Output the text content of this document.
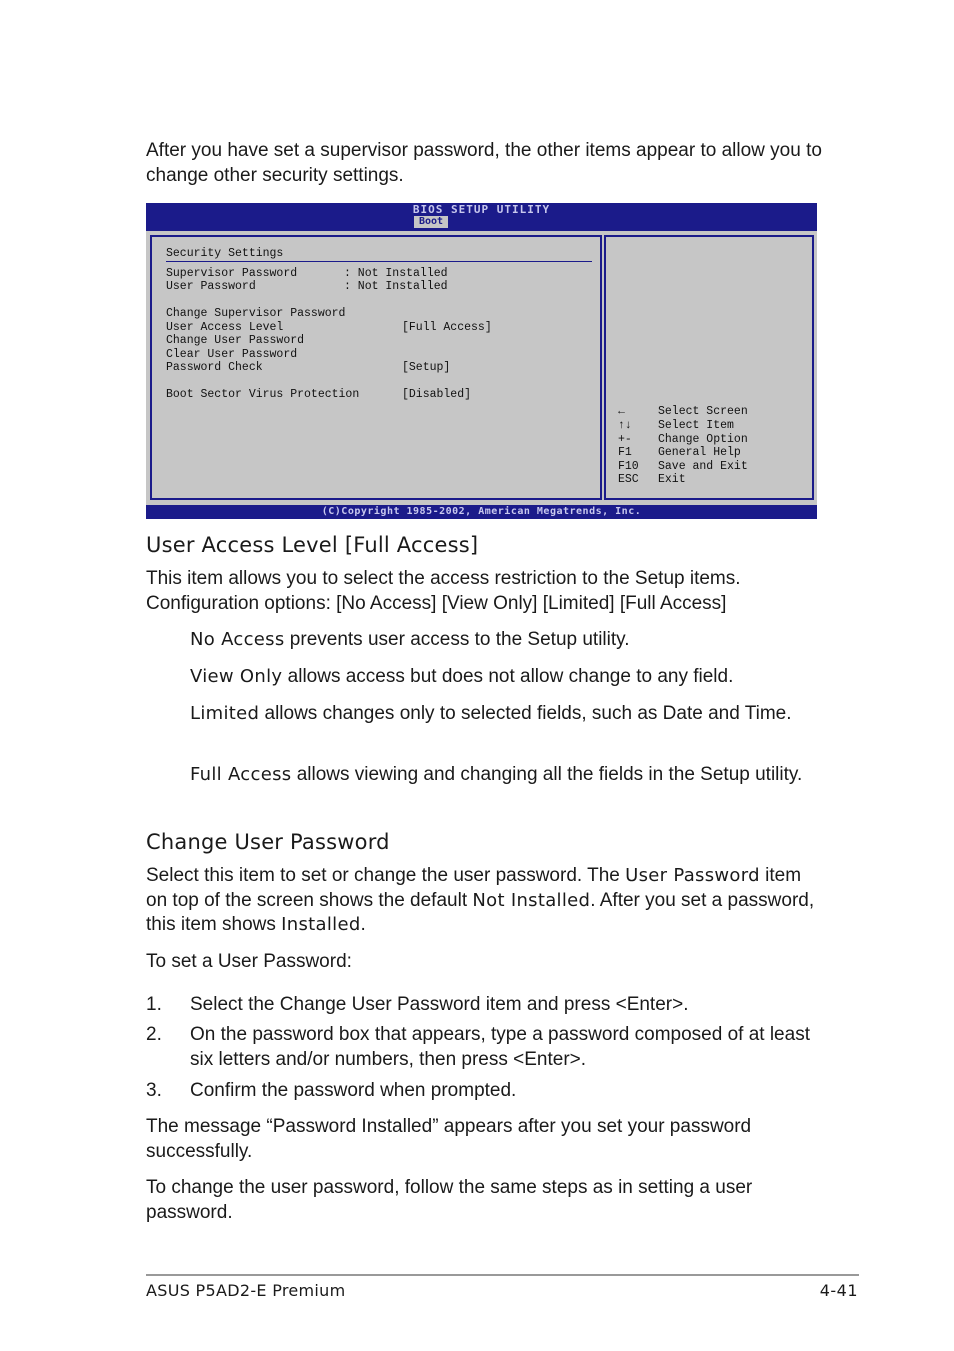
After you have set a supervisor password, the other items appear to allow you to change other security settings.

BIOS SETUP UTILITY
Boot
Security Settings
Supervisor Password	: Not Installed
User Password	: Not Installed
Change Supervisor Password
User Access Level	[Full Access]
Change User Password
Clear User Password
Password Check	[Setup]
Boot Sector Virus Protection	[Disabled]
←	Select Screen
↑↓	Select Item
+-	Change Option
F1	General Help
F10	Save and Exit
ESC	Exit
(C)Copyright 1985-2002, American Megatrends, Inc.
User Access Level [Full Access]

This item allows you to select the access restriction to the Setup items. Configuration options: [No Access] [View Only] [Limited] [Full Access]

No Access prevents user access to the Setup utility.

View Only allows access but does not allow change to any field.

Limited allows changes only to selected fields, such as Date and Time.

Full Access allows viewing and changing all the fields in the Setup utility.

Change User Password

Select this item to set or change the user password. The User Password item on top of the screen shows the default Not Installed. After you set a password, this item shows Installed.

To set a User Password:

1. Select the Change User Password item and press <Enter>.
2. On the password box that appears, type a password composed of at least six letters and/or numbers, then press <Enter>.
3. Confirm the password when prompted.

The message “Password Installed” appears after you set your password successfully.

To change the user password, follow the same steps as in setting a user password.

ASUS P5AD2-E Premium	4-41
